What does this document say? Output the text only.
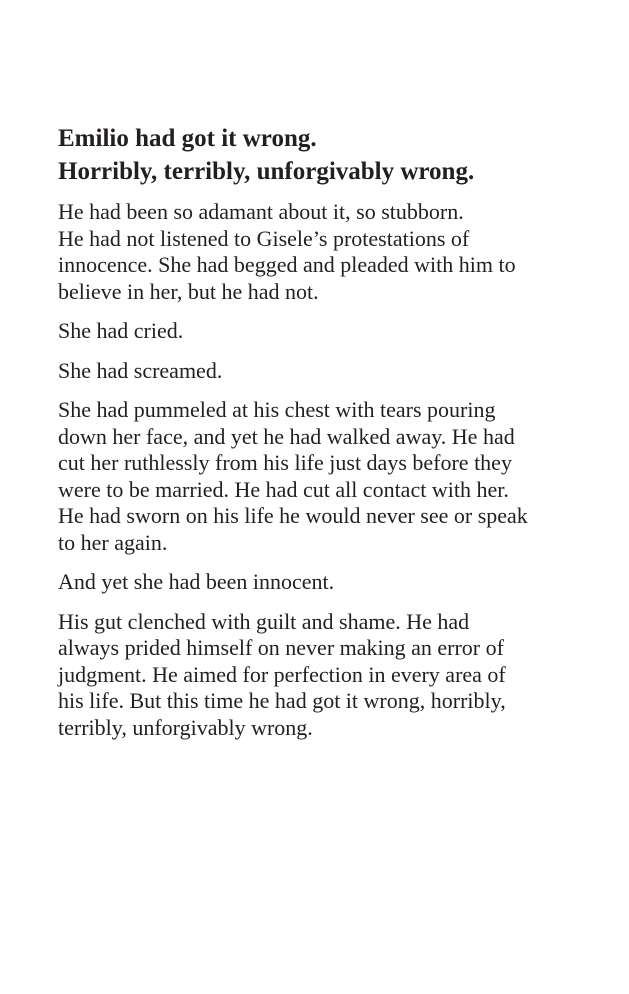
Emilio had got it wrong.
Horribly, terribly, unforgivably wrong.

He had been so adamant about it, so stubborn.
He had not listened to Gisele’s protestations of
innocence. She had begged and pleaded with him to
believe in her, but he had not.

She had cried.

She had screamed.

She had pummeled at his chest with tears pouring
down her face, and yet he had walked away. He had
cut her ruthlessly from his life just days before they
were to be married. He had cut all contact with her.
He had sworn on his life he would never see or speak
to her again.

And yet she had been innocent.

His gut clenched with guilt and shame. He had
always prided himself on never making an error of
judgment. He aimed for perfection in every area of
his life. But this time he had got it wrong, horribly,
terribly, unforgivably wrong.
